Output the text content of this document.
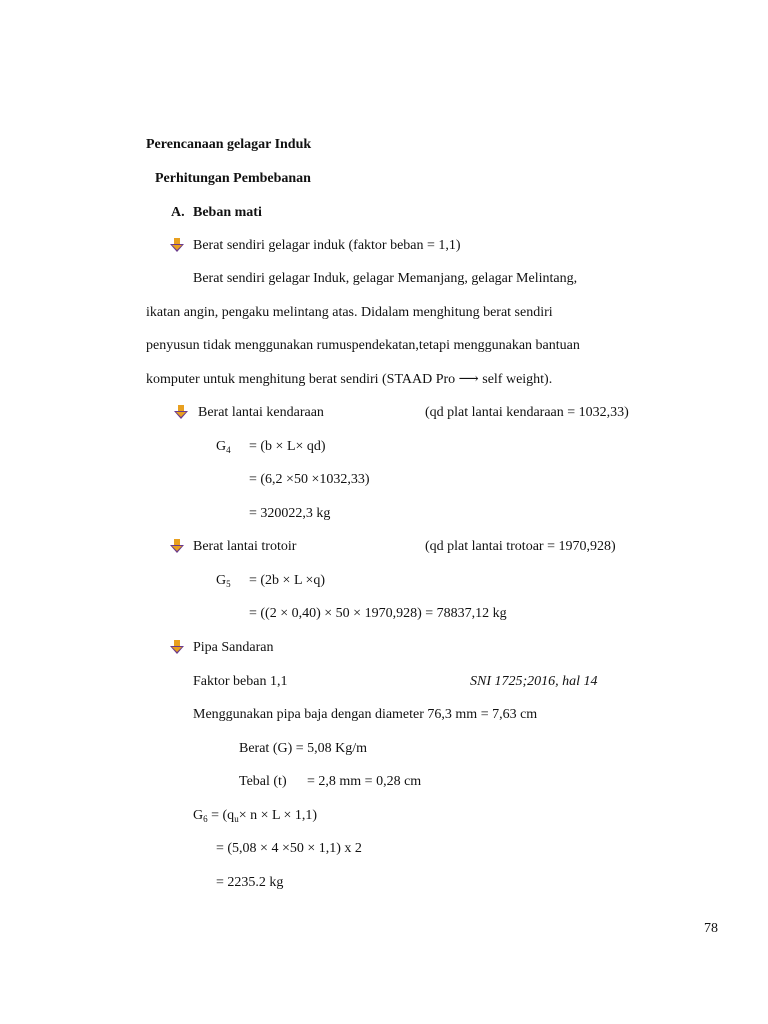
Perencanaan gelagar Induk
Perhitungan Pembebanan
A. Beban mati
Berat sendiri gelagar induk (faktor beban = 1,1)
Berat sendiri gelagar Induk, gelagar Memanjang, gelagar Melintang,
ikatan angin, pengaku melintang atas. Didalam menghitung berat sendiri
penyusun tidak menggunakan rumuspendekatan,tetapi menggunakan bantuan
komputer untuk menghitung berat sendiri (STAAD Pro ⟶ self weight).
Berat lantai kendaraan	(qd plat lantai kendaraan = 1032,33)
$G_4 = (b \times L\times qd)$
= (6,2 ×50 ×1032,33)
= 320022,3 kg
Berat lantai trotoir	(qd plat lantai trotoar = 1970,928)
$G_5 = (2b \times L \times q)$
= ((2 × 0,40) × 50 × 1970,928) = 78837,12 kg
Pipa Sandaran
Faktor beban 1,1	SNI 1725;2016, hal 14
Menggunakan pipa baja dengan diameter 76,3 mm = 7,63 cm
Berat (G) = 5,08 Kg/m
Tebal (t) = 2,8 mm = 0,28 cm
$G_6 = (q_u\times n \times L \times 1,1)$
= (5,08 × 4 ×50 × 1,1) x 2
= 2235.2 kg
78
